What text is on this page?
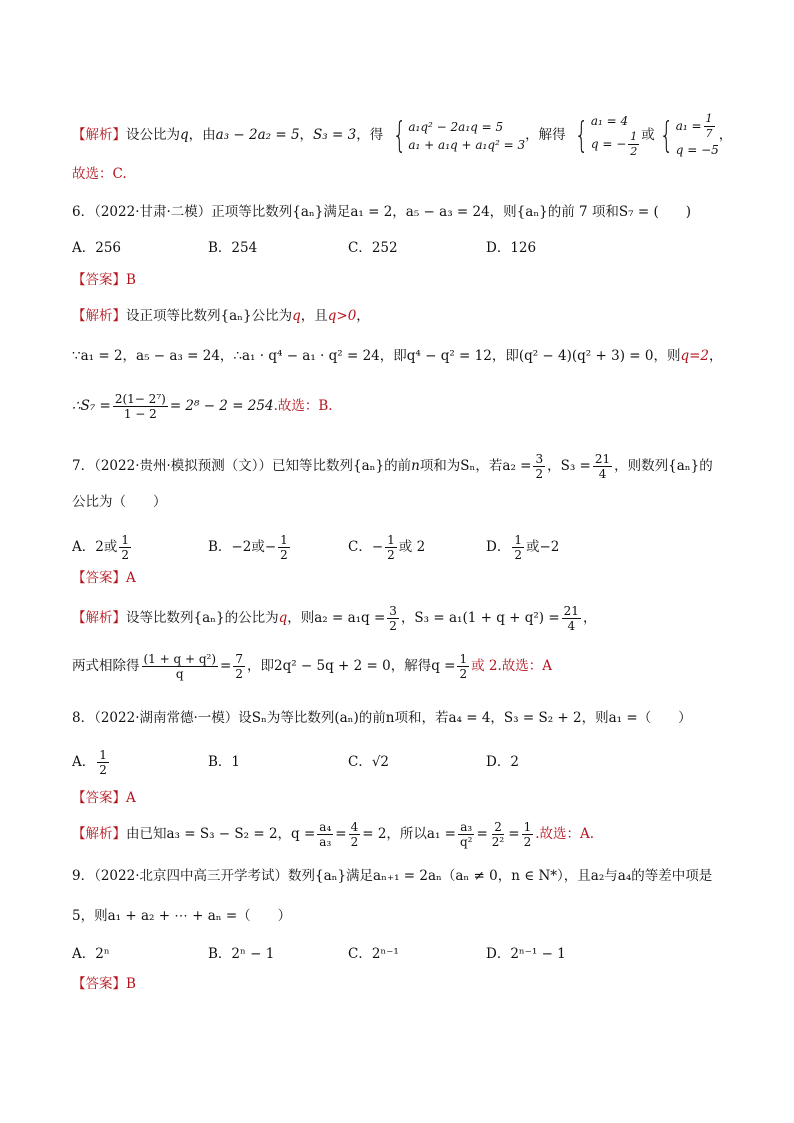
【解析】设公比为q，由a₃ − 2a₂ = 5，S₃ = 3，得 { a₁q² − 2a₁q = 5
a₁ + a₁q + a₁q² = 3
，解得 { a₁ = 4
q = − $\frac{1}{2}$ 或 { $a_1 = \frac{1}{7}$
q = −5
，
故选：C.
6．（2022·甘肃·二模）正项等比数列{aₙ}满足a₁ = 2，a₅ − a₃ = 24，则{aₙ}的前 7 项和S₇ = (　　)
A．256	B．254	C．252	D．126
【答案】B
【解析】设正项等比数列{aₙ}公比为q，且q>0，
∵a₁ = 2，a₅ − a₃ = 24，∴a₁ · q⁴ − a₁ · q² = 24，即q⁴ − q² = 12，即(q² − 4)(q² + 3) = 0，则q=2，
∴S₇ = $\frac{\text{2(1− 2⁷)}}{1 - 2} = 2^8 - 2 = 254$.故选：B.
7．（2022·贵州·模拟预测（文））已知等比数列{aₙ}的前n项和为Sₙ，若$a_2 = \frac{3}{2}$ ，$S_3 = \frac{21}{4}$ ，则数列{aₙ}的
公比为（　　）
A．2或 $\frac{1}{2}$	B．−2或− $\frac{1}{2}$	C．− $\frac{1}{2}$ 或 2	D． $\frac{1}{2}$ 或−2
【答案】A
【解析】设等比数列{aₙ}的公比为q，则$a_2 = a_1q = \frac{3}{2}$ ，$S_3 = a_1(1 + q + q^2) = \frac{21}{4}$ ，
两式相除得 $\frac{\text{(1 + q + q²)}}{q} = \frac{7}{2}$ ，即2q² − 5q + 2 = 0，解得$q = \frac{1}{2}$ 或 2.故选：A
8．（2022·湖南常德·一模）设Sₙ为等比数列(aₙ)的前n项和，若a₄ = 4，S₃ = S₂ + 2，则a₁ =（　　）
A． $\frac{1}{2}$	B．1	C．√2	D．2
【答案】A
【解析】由已知a₃ = S₃ − S₂ = 2，$q = \frac{\text{a₄}}{\text{a₃}} = \frac{4}{2} = 2$，所以$a_1 = \frac{\text{a₃}}{\text{q²}} = \frac{2}{\text{2²}} = \frac{1}{2}$ .故选：A.
9．（2022·北京四中高三开学考试）数列{aₙ}满足aₙ₊₁ = 2aₙ（aₙ ≠ 0，n ∈ N*），且a₂与a₄的等差中项是
5，则a₁ + a₂ + ⋯ + aₙ =（　　）
A．2ⁿ	B．2ⁿ − 1	C．2ⁿ⁻¹	D．2ⁿ⁻¹ − 1
【答案】B
